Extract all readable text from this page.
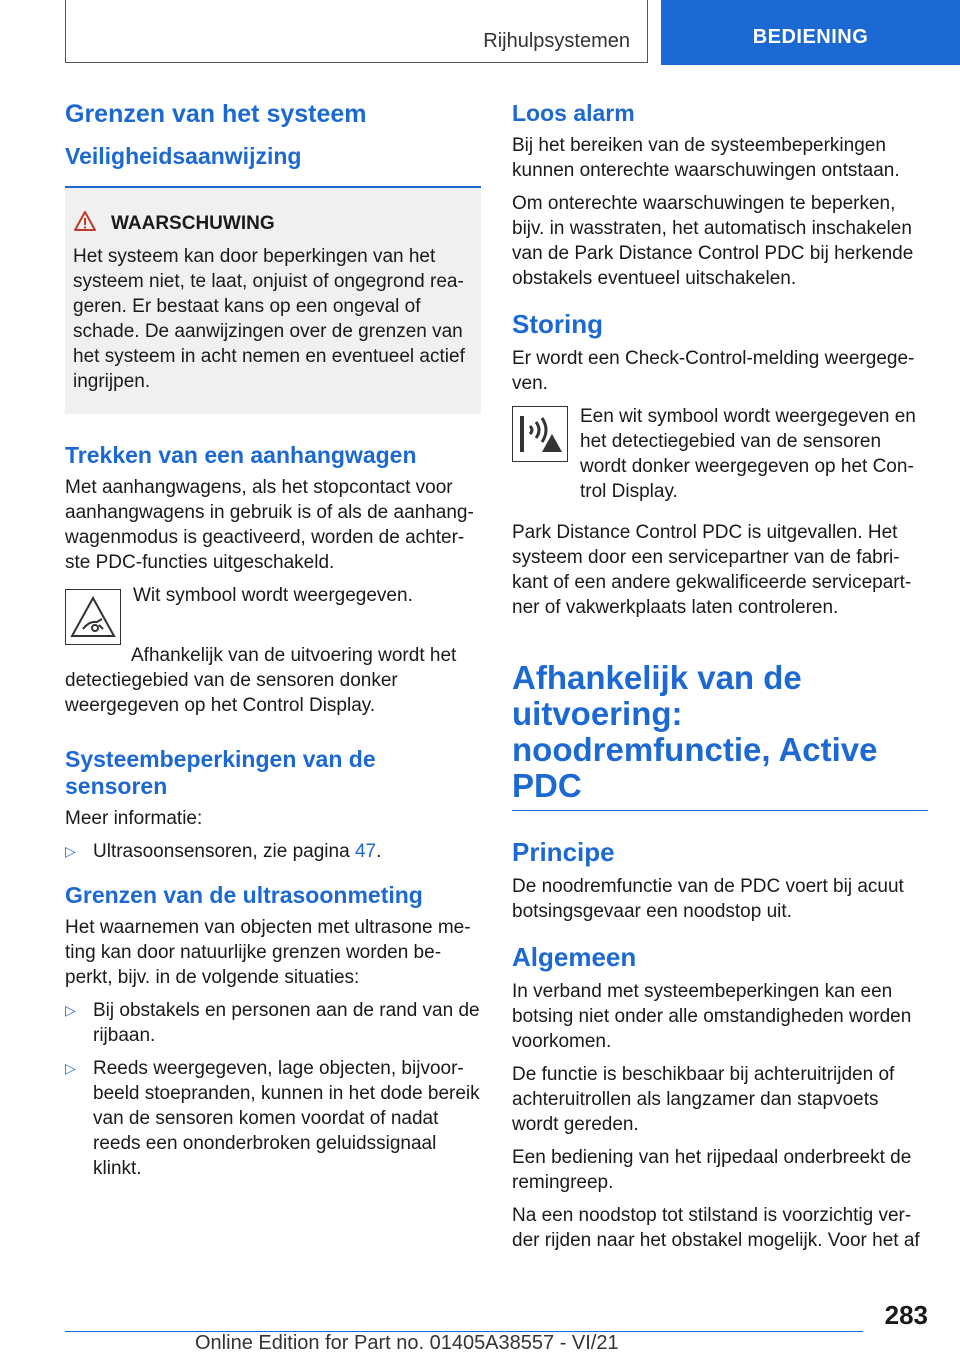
Rijhulpsystemen	BEDIENING
Grenzen van het systeem
Veiligheidsaanwijzing
WAARSCHUWING

Het systeem kan door beperkingen van het systeem niet, te laat, onjuist of ongegrond reageren. Er bestaat kans op een ongeval of schade. De aanwijzingen over de grenzen van het systeem in acht nemen en eventueel actief ingrijpen.

Trekken van een aanhangwagen

Met aanhangwagens, als het stopcontact voor aanhangwagens in gebruik is of als de aanhangwagenmodus is geactiveerd, worden de achterste PDC-functies uitgeschakeld.

Wit symbool wordt weergegeven.

Afhankelijk van de uitvoering wordt het detectiegebied van de sensoren donker weergegeven op het Control Display.

Systeembeperkingen van de sensoren

Meer informatie:

▷ Ultrasoonsensoren, zie pagina 47.
Grenzen van de ultrasoonmeting

Het waarnemen van objecten met ultrasone meting kan door natuurlijke grenzen worden beperkt, bijv. in de volgende situaties:

▷ Bij obstakels en personen aan de rand van de rijbaan.
▷ Reeds weergegeven, lage objecten, bijvoorbeeld stoepranden, kunnen in het dode bereik van de sensoren komen voordat of nadat reeds een ononderbroken geluidssignaal klinkt.
Loos alarm

Bij het bereiken van de systeembeperkingen kunnen onterechte waarschuwingen ontstaan.

Om onterechte waarschuwingen te beperken, bijv. in wasstraten, het automatisch inschakelen van de Park Distance Control PDC bij herkende obstakels eventueel uitschakelen.

Storing

Er wordt een Check-Control-melding weergegeven.

Een wit symbool wordt weergegeven en het detectiegebied van de sensoren wordt donker weergegeven op het Control Display.

Park Distance Control PDC is uitgevallen. Het systeem door een servicepartner van de fabrikant of een andere gekwalificeerde servicepartner of vakwerkplaats laten controleren.

Afhankelijk van de uitvoering: noodremfunctie, Active PDC
Principe

De noodremfunctie van de PDC voert bij acuut botsingsgevaar een noodstop uit.

Algemeen

In verband met systeembeperkingen kan een botsing niet onder alle omstandigheden worden voorkomen.

De functie is beschikbaar bij achteruitrijden of achteruitrollen als langzamer dan stapvoets wordt gereden.

Een bediening van het rijpedaal onderbreekt de remingreep.

Na een noodstop tot stilstand is voorzichtig verder rijden naar het obstakel mogelijk. Voor het af

283
Online Edition for Part no. 01405A38557 - VI/21
